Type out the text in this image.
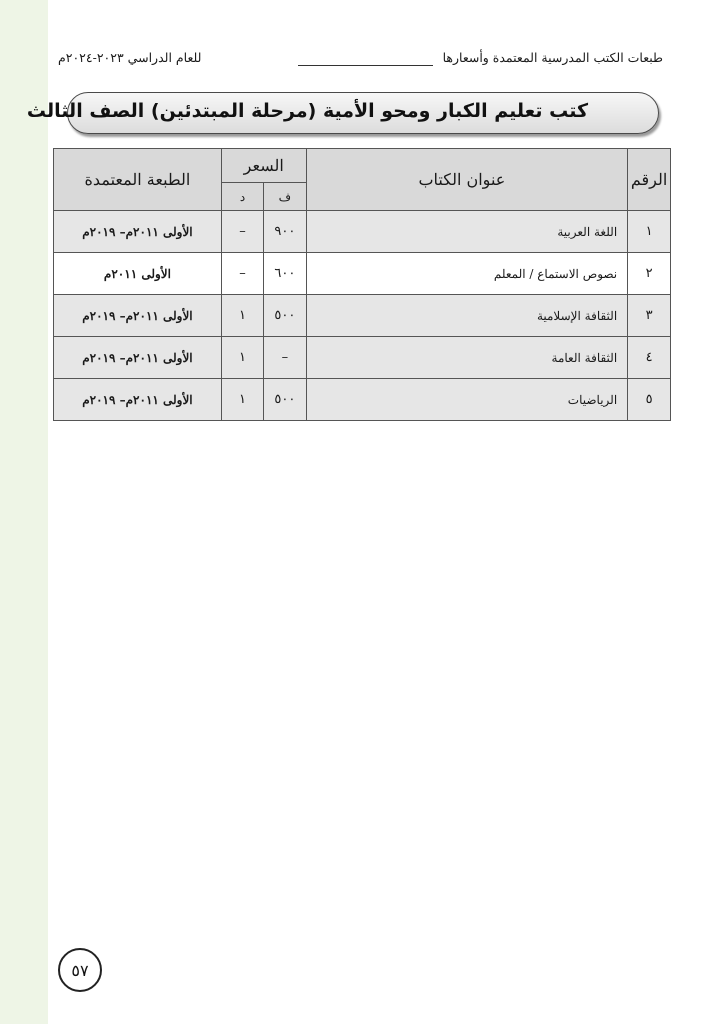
طبعات الكتب المدرسية المعتمدة وأسعارها
للعام الدراسي ٢٠٢٣-٢٠٢٤م
كتب تعليم الكبار ومحو الأمية (مرحلة المبتدئين) الصف الثالث
الرقم	عنوان الكتاب	السعر		الطبعة المعتمدة
		ف	د	
١	اللغة العربية	٩٠٠	–	الأولى ٢٠١١م– ٢٠١٩م
٢	نصوص الاستماع / المعلم	٦٠٠	–	الأولى ٢٠١١م
٣	الثقافة الإسلامية	٥٠٠	١	الأولى ٢٠١١م– ٢٠١٩م
٤	الثقافة العامة	–	١	الأولى ٢٠١١م– ٢٠١٩م
٥	الرياضيات	٥٠٠	١	الأولى ٢٠١١م– ٢٠١٩م
٥٧
